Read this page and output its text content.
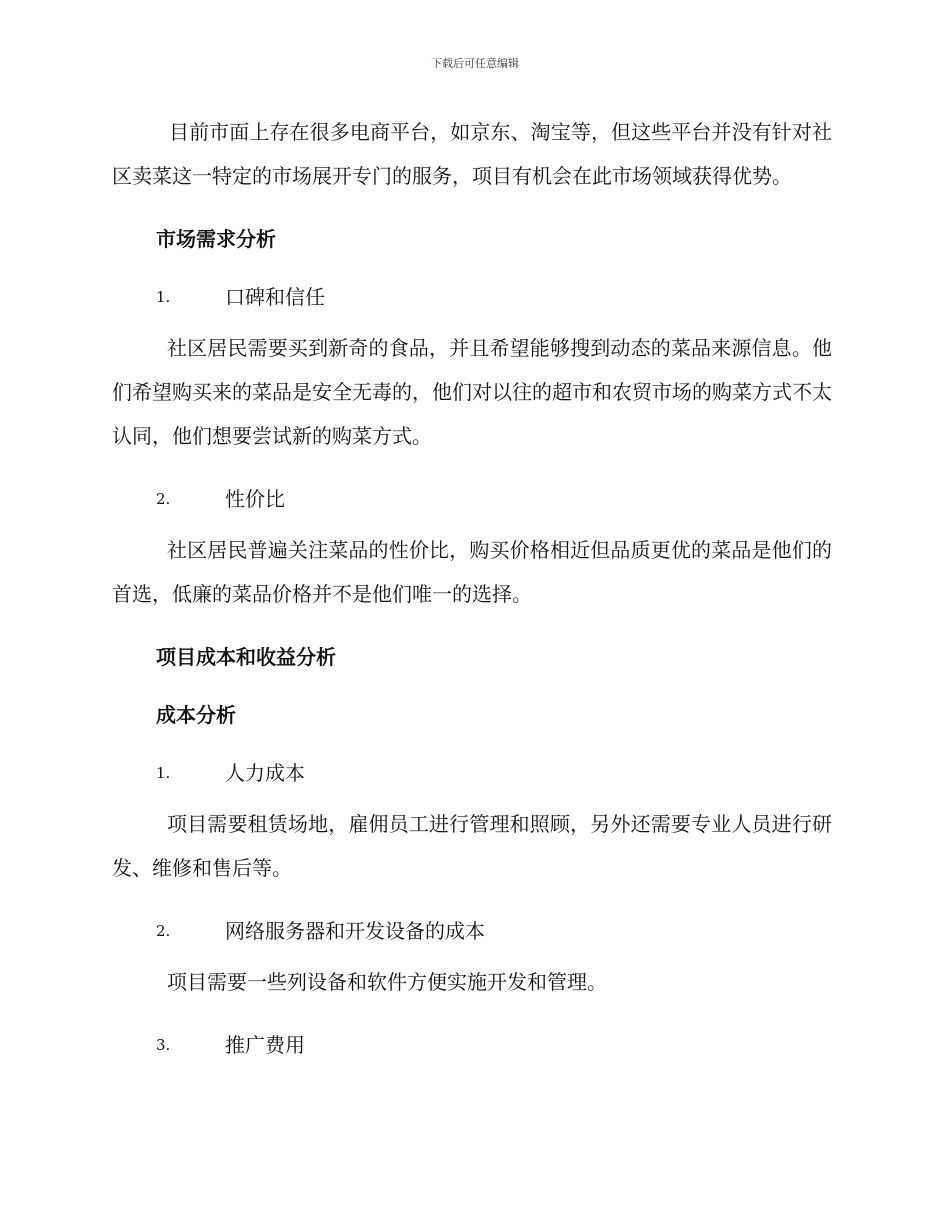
下载后可任意编辑

目前市面上存在很多电商平台，如京东、淘宝等，但这些平台并没有针对社区卖菜这一特定的市场展开专门的服务，项目有机会在此市场领域获得优势。

市场需求分析
1.	口碑和信任

社区居民需要买到新奇的食品，并且希望能够搜到动态的菜品来源信息。他们希望购买来的菜品是安全无毒的，他们对以往的超市和农贸市场的购菜方式不太认同，他们想要尝试新的购菜方式。

2.	性价比

社区居民普遍关注菜品的性价比，购买价格相近但品质更优的菜品是他们的首选，低廉的菜品价格并不是他们唯一的选择。

项目成本和收益分析
成本分析
1.	人力成本

项目需要租赁场地，雇佣员工进行管理和照顾，另外还需要专业人员进行研发、维修和售后等。

2.	网络服务器和开发设备的成本

项目需要一些列设备和软件方便实施开发和管理。

3.	推广费用
